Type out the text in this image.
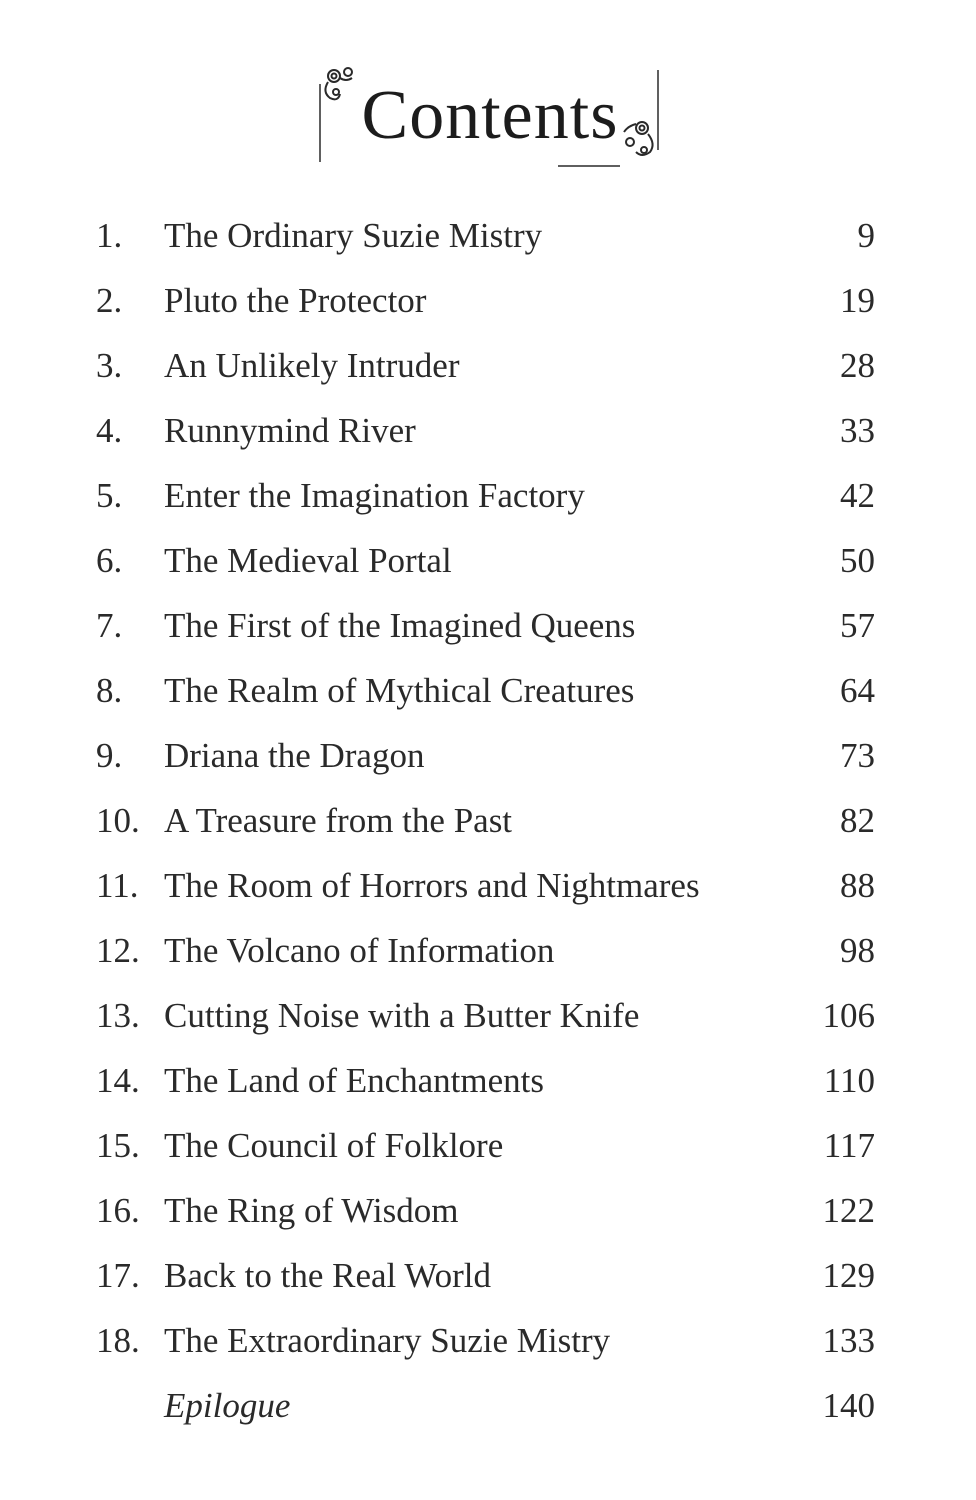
Contents
1. The Ordinary Suzie Mistry	9
2. Pluto the Protector	19
3. An Unlikely Intruder	28
4. Runnymind River	33
5. Enter the Imagination Factory	42
6. The Medieval Portal	50
7. The First of the Imagined Queens	57
8. The Realm of Mythical Creatures	64
9. Driana the Dragon	73
10. A Treasure from the Past	82
11. The Room of Horrors and Nightmares	88
12. The Volcano of Information	98
13. Cutting Noise with a Butter Knife	106
14. The Land of Enchantments	110
15. The Council of Folklore	117
16. The Ring of Wisdom	122
17. Back to the Real World	129
18. The Extraordinary Suzie Mistry	133
Epilogue	140
